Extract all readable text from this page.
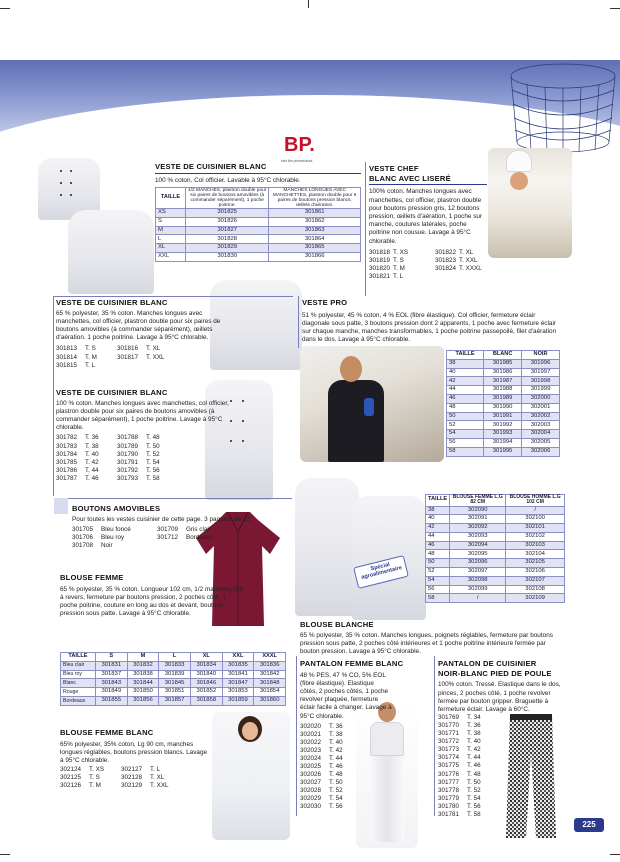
BP.
bold like professionals
Spécial agroalimentaire
VESTE DE CUISINIER BLANC
100 % coton. Col officier. Lavable à 95°C chlorable.
TAILLE	1/2 MANCHES, plastron double pour six paires de boutons amovibles (à commander séparément), 1 poche poitrine.	MANCHES LONGUES AVEC MANCHETTES, plastron double pour 6 paires de boutons pression blancs, œillets d'aération.
XS	301825	301861
S	301826	301862
M	301827	301863
L	301828	301864
XL	301829	301865
XXL	301830	301866
VESTE CHEF
BLANC AVEC LISERÉ
100% coton. Manches longues avec manchettes, col officier, plastron double pour boutons pression gris, 12 boutons pression, œillets d'aération, 1 poche sur manche, coutures latérales, poche poitrine non cousue. Lavage à 95°C chlorable.
301818 T. XS	301822 T. XL
301819 T. S	301823 T. XXL
301820 T. M	301824 T. XXXL
301821 T. L
VESTE DE CUISINIER BLANC
65 % polyester, 35 % coton. Manches longues avec manchettes, col officier, plastron double pour six paires de boutons amovibles (à commander séparément), œillets d'aération. 1 poche poitrine. Lavage à 95°C chlorable.
301813	T. S	301816	T. XL
301814	T. M	301817	T. XXL
301815	T. L
VESTE PRO
51 % polyester, 45 % coton, 4 % EOL (fibre élastique). Col officier, fermeture éclair diagonale sous patte, 3 boutons pression dont 2 apparents, 1 poche avec fermeture éclair sur chaque manche, manches transformables, 1 poche poitrine passepoilé, filet d'aération dans le dos. Lavage à 95°C chlorable.
TAILLE	BLANC	NOIR
38	301985	301996
40	301986	301997
42	301987	301998
44	301988	301999
46	301989	302000
48	301990	302001
50	301991	302002
52	301992	302003
54	301993	302004
56	301994	302005
58	301995	302006
VESTE DE CUISINIER BLANC
100 % coton. Manches longues avec manchettes, col officier, plastron double pour six paires de boutons amovibles (à commander séparément), 1 poche poitrine. Lavage à 95°C chlorable.
301782	T. 36	301788	T. 48
301783	T. 38	301789	T. 50
301784	T. 40	301790	T. 52
301785	T. 42	301791	T. 54
301786	T. 44	301792	T. 56
301787	T. 46	301793	T. 58
BOUTONS AMOVIBLES
Pour toutes les vestes cuisinier de cette page. 3 paquets de 12.
301705	Bleu foncé	301709	Gris clair
301706	Bleu roy	301712	Bordeaux
301708	Noir
BLOUSE FEMME
65 % polyester, 35 % coton. Longueur 102 cm, 1/2 manches, col à revers, fermeture par boutons pression, 2 poches côté, 1 poche poitrine, couture en long au dos et devant, boutons pression sous patte. Lavage à 95°C chlorable.
TAILLE	S	M	L	XL	XXL	XXXL
Bleu clair	301831	301832	301833	301834	301835	301836
Bleu roy	301837	301838	301839	301840	301841	301842
Blanc	301843	301844	301845	301846	301847	301848
Rouge	301849	301850	301851	301852	301853	301854
Bordeaux	301855	301856	301857	301858	301859	301860
TAILLE	BLOUSE FEMME L.G 82 CM	BLOUSE HOMME L.G 102 CM
38	302090	/
40	302091	302100
42	302092	302101
44	302093	302102
46	302094	302103
48	302095	302104
50	302096	302105
52	302097	302106
54	302098	302107
56	302099	302108
58	/	302109
BLOUSE BLANCHE
65 % polyester, 35 % coton. Manches longues, poignets réglables, fermeture par boutons pression sous patte, 2 poches côté intérieures et 1 poche poitrine intérieure fermée par bouton pression. Lavage à 95°C chlorable.
BLOUSE FEMME BLANC
65% polyester, 35% coton, Lg 90 cm, manches longues réglables, boutons pression blancs. Lavage à 95°C chlorable.
302124	T. XS	302127	T. L
302125	T. S	302128	T. XL
302126	T. M	302129	T. XXL
PANTALON FEMME BLANC
48 % PES, 47 % CO, 5% EOL (fibre élastique). Elastique côtés, 2 poches côtés, 1 poche revolver plaquée, fermeture éclair facile à changer. Lavage à 95°C chlorable.
302020	T. 36
302021	T. 38
302022	T. 40
302023	T. 42
302024	T. 44
302025	T. 46
302026	T. 48
302027	T. 50
302028	T. 52
302029	T. 54
302030	T. 56
PANTALON DE CUISINIER
NOIR-BLANC PIED DE POULE
100% coton. Tressé. Elastique dans le dos, pinces, 2 poches côté, 1 poche revolver fermée par bouton gripper. Braguette à fermeture éclair. Lavage à 60°C.
301769	T. 34
301770	T. 36
301771	T. 38
301772	T. 40
301773	T. 42
301774	T. 44
301775	T. 46
301776	T. 48
301777	T. 50
301778	T. 52
301779	T. 54
301780	T. 56
301781	T. 58
225
